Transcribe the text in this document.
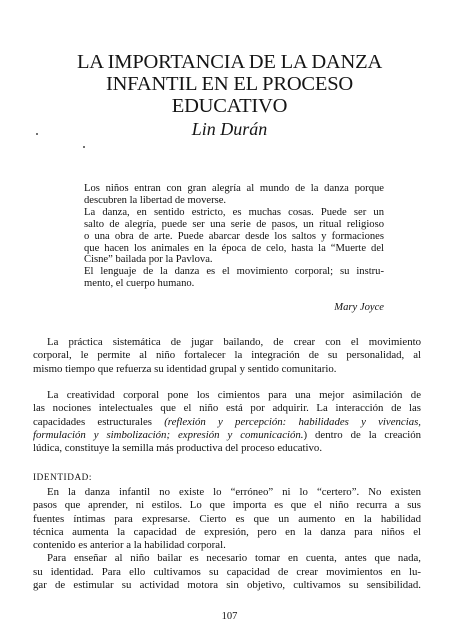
LA IMPORTANCIA DE LA DANZA
INFANTIL EN EL PROCESO
EDUCATIVO
Lin Durán
Los niños entran con gran alegría al mundo de la danza porque
descubren la libertad de moverse.
La danza, en sentido estricto, es muchas cosas. Puede ser un
salto de alegría, puede ser una serie de pasos, un ritual religioso
o una obra de arte. Puede abarcar desde los saltos y formaciones
que hacen los animales en la época de celo, hasta la “Muerte del
Cisne” bailada por la Pavlova.
El lenguaje de la danza es el movimiento corporal; su instru-
mento, el cuerpo humano.
Mary Joyce
La práctica sistemática de jugar bailando, de crear con el movimiento
corporal, le permite al niño fortalecer la integración de su personalidad, al
mismo tiempo que refuerza su identidad grupal y sentido comunitario.
La creatividad corporal pone los cimientos para una mejor asimilación de
las nociones intelectuales que el niño está por adquirir. La interacción de las
capacidades estructurales (reflexión y percepción: habilidades y vivencias,
formulación y simbolización; expresión y comunicación.) dentro de la creación
lúdica, constituye la semilla más productiva del proceso educativo.
IDENTIDAD:
En la danza infantil no existe lo “erróneo” ni lo “certero”. No existen
pasos que aprender, ni estilos. Lo que importa es que el niño recurra a sus
fuentes íntimas para expresarse. Cierto es que un aumento en la habilidad
técnica aumenta la capacidad de expresión, pero en la danza para niños el
contenido es anterior a la habilidad corporal.
Para enseñar al niño bailar es necesario tomar en cuenta, antes que nada,
su identidad. Para ello cultivamos su capacidad de crear movimientos en lu-
gar de estimular su actividad motora sin objetivo, cultivamos su sensibilidad.
107
